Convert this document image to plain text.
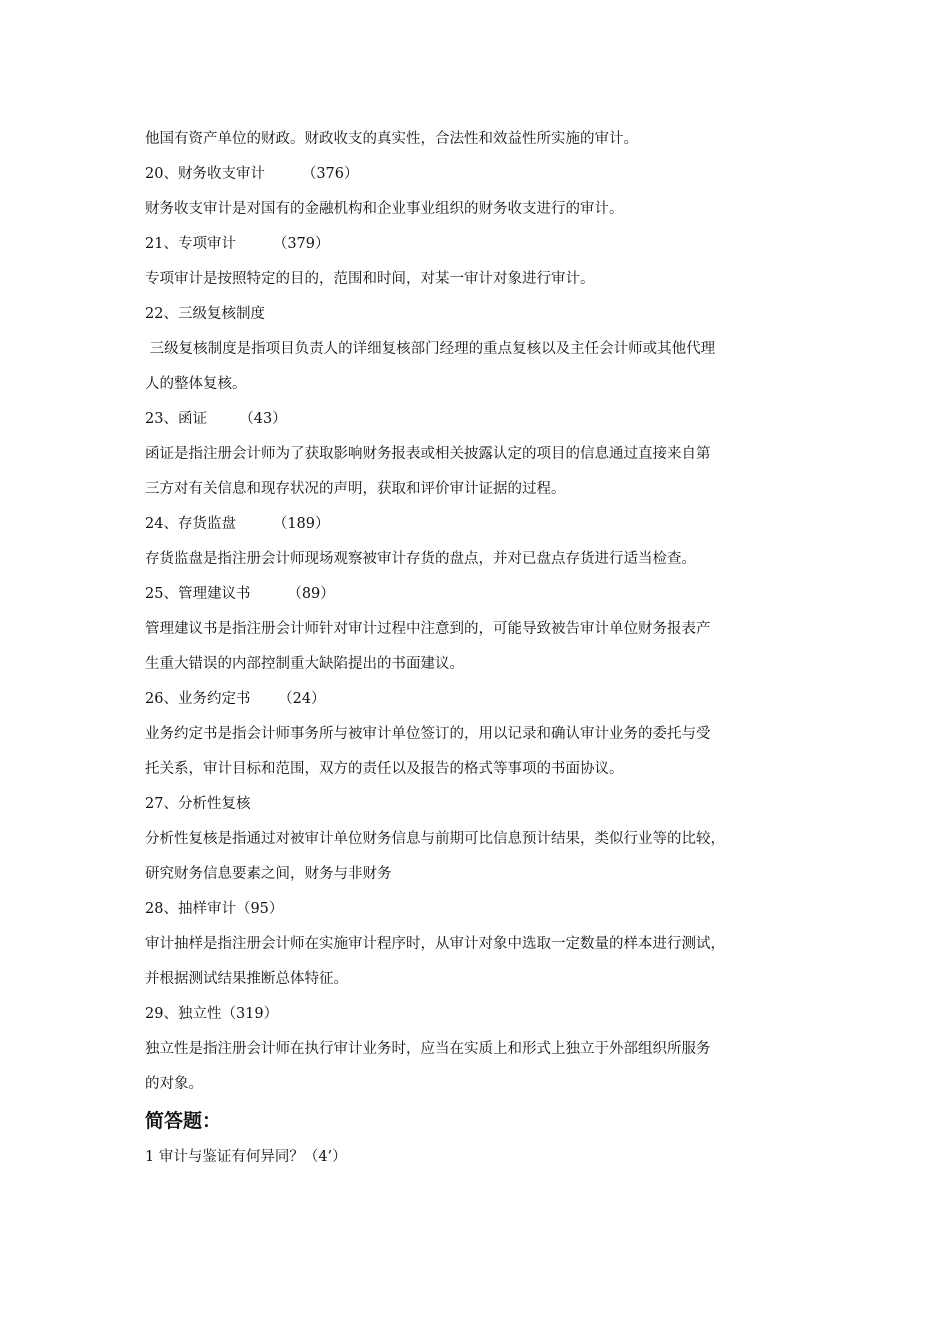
他国有资产单位的财政。财政收支的真实性，合法性和效益性所实施的审计。
20、财务收支审计        （376）
财务收支审计是对国有的金融机构和企业事业组织的财务收支进行的审计。
21、专项审计        （379）
专项审计是按照特定的目的，范围和时间，对某一审计对象进行审计。
22、三级复核制度
三级复核制度是指项目负责人的详细复核部门经理的重点复核以及主任会计师或其他代理
人的整体复核。
23、函证       （43）
函证是指注册会计师为了获取影响财务报表或相关披露认定的项目的信息通过直接来自第
三方对有关信息和现存状况的声明，获取和评价审计证据的过程。
24、存货监盘        （189）
存货监盘是指注册会计师现场观察被审计存货的盘点，并对已盘点存货进行适当检查。
25、管理建议书        （89）
管理建议书是指注册会计师针对审计过程中注意到的，可能导致被告审计单位财务报表产
生重大错误的内部控制重大缺陷提出的书面建议。
26、业务约定书      （24）
业务约定书是指会计师事务所与被审计单位签订的，用以记录和确认审计业务的委托与受
托关系，审计目标和范围，双方的责任以及报告的格式等事项的书面协议。
27、分析性复核
分析性复核是指通过对被审计单位财务信息与前期可比信息预计结果，类似行业等的比较，
研究财务信息要素之间，财务与非财务
28、抽样审计（95）
审计抽样是指注册会计师在实施审计程序时，从审计对象中选取一定数量的样本进行测试，
并根据测试结果推断总体特征。
29、独立性（319）
独立性是指注册会计师在执行审计业务时，应当在实质上和形式上独立于外部组织所服务
的对象。
简答题：
1 审计与鉴证有何异同？（4’）
